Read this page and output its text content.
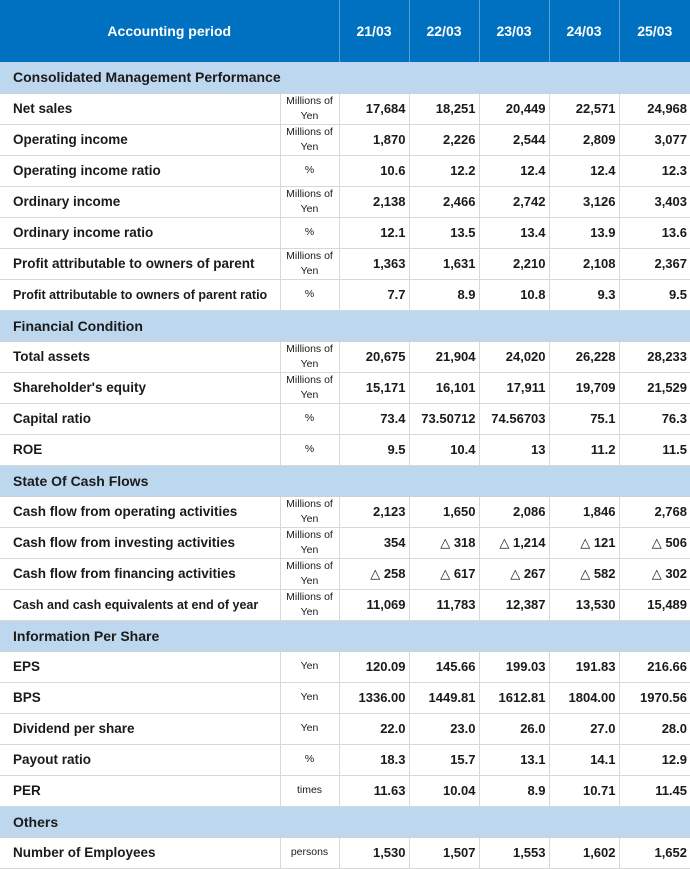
Accounting period		21/03	22/03	23/03	24/03	25/03
Consolidated Management Performance						
Net sales	Millions of Yen	17,684	18,251	20,449	22,571	24,968
Operating income	Millions of Yen	1,870	2,226	2,544	2,809	3,077
Operating income ratio	%	10.6	12.2	12.4	12.4	12.3
Ordinary income	Millions of Yen	2,138	2,466	2,742	3,126	3,403
Ordinary income ratio	%	12.1	13.5	13.4	13.9	13.6
Profit attributable to owners of parent	Millions of Yen	1,363	1,631	2,210	2,108	2,367
Profit attributable to owners of parent ratio	%	7.7	8.9	10.8	9.3	9.5
Financial Condition						
Total assets	Millions of Yen	20,675	21,904	24,020	26,228	28,233
Shareholder's equity	Millions of Yen	15,171	16,101	17,911	19,709	21,529
Capital ratio	%	73.4	73.50712	74.56703	75.1	76.3
ROE	%	9.5	10.4	13	11.2	11.5
State Of Cash Flows						
Cash flow from operating activities	Millions of Yen	2,123	1,650	2,086	1,846	2,768
Cash flow from investing activities	Millions of Yen	354	△ 318	△ 1,214	△ 121	△ 506
Cash flow from financing activities	Millions of Yen	△ 258	△ 617	△ 267	△ 582	△ 302
Cash and cash equivalents at end of year	Millions of Yen	11,069	11,783	12,387	13,530	15,489
Information Per Share						
EPS	Yen	120.09	145.66	199.03	191.83	216.66
BPS	Yen	1336.00	1449.81	1612.81	1804.00	1970.56
Dividend per share	Yen	22.0	23.0	26.0	27.0	28.0
Payout ratio	%	18.3	15.7	13.1	14.1	12.9
PER	times	11.63	10.04	8.9	10.71	11.45
Others						
Number of Employees	persons	1,530	1,507	1,553	1,602	1,652
